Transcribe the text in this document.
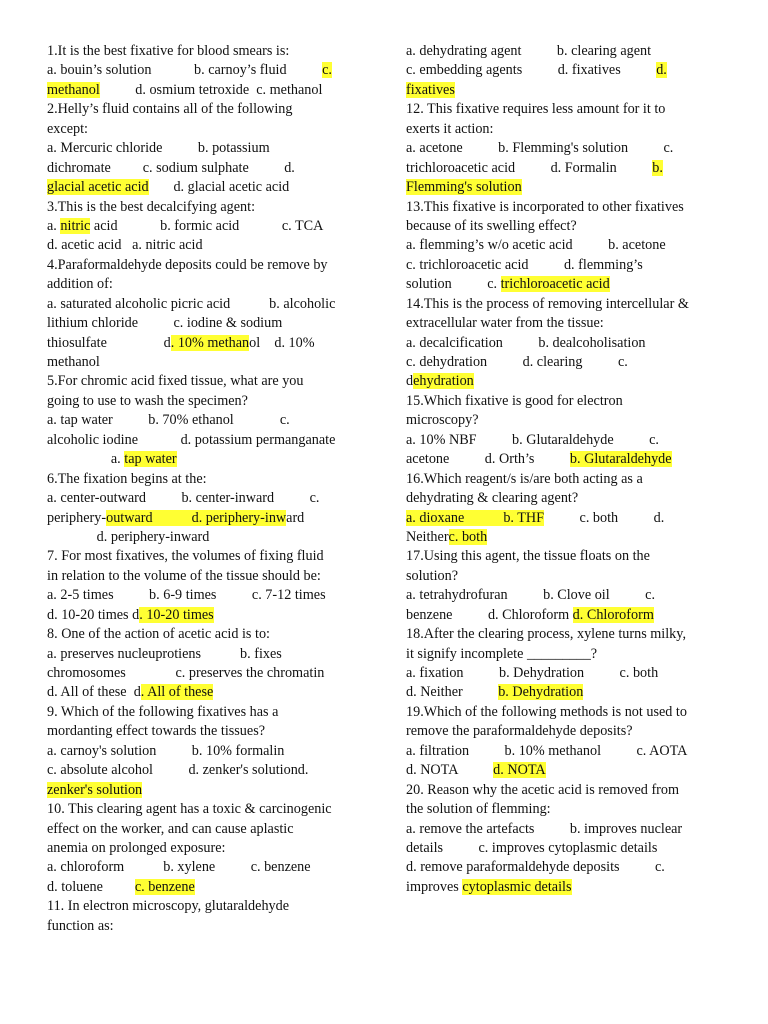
1.It is the best fixative for blood smears is:
a. bouin’s solution            b. carnoy’s fluid          c.
methanol          d. osmium tetroxide  c. methanol
2.Helly’s fluid contains all of the following
except:
a. Mercuric chloride          b. potassium
dichromate         c. sodium sulphate          d.
glacial acetic acid       d. glacial acetic acid
3.This is the best decalcifying agent:
a. nitric acid            b. formic acid            c. TCA
d. acetic acid   a. nitric acid
4.Paraformaldehyde deposits could be remove by
addition of:
a. saturated alcoholic picric acid           b. alcoholic
lithium chloride          c. iodine & sodium
thiosulfate                d. 10% methanol    d. 10%
methanol
5.For chromic acid fixed tissue, what are you
going to use to wash the specimen?
a. tap water          b. 70% ethanol             c.
alcoholic iodine            d. potassium permanganate
a. tap water
6.The fixation begins at the:
a. center-outward          b. center-inward          c.
periphery-outward           d. periphery-inward
d. periphery-inward
7. For most fixatives, the volumes of fixing fluid
in relation to the volume of the tissue should be:
a. 2-5 times          b. 6-9 times          c. 7-12 times
d. 10-20 times d. 10-20 times
8. One of the action of acetic acid is to:
a. preserves nucleuprotiens           b. fixes
chromosomes              c. preserves the chromatin
d. All of these  d. All of these
9. Which of the following fixatives has a
mordanting effect towards the tissues?
a. carnoy's solution          b. 10% formalin
c. absolute alcohol          d. zenker's solutiond.
zenker's solution
10. This clearing agent has a toxic & carcinogenic
effect on the worker, and can cause aplastic
anemia on prolonged exposure:
a. chloroform           b. xylene          c. benzene
d. toluene         c. benzene
11. In electron microscopy, glutaraldehyde
function as:
a. dehydrating agent          b. clearing agent
c. embedding agents          d. fixatives          d.
fixatives
12. This fixative requires less amount for it to
exerts it action:
a. acetone          b. Flemming's solution          c.
trichloroacetic acid          d. Formalin          b.
Flemming's solution
13.This fixative is incorporated to other fixatives
because of its swelling effect?
a. flemming’s w/o acetic acid          b. acetone
c. trichloroacetic acid          d. flemming’s
solution          c. trichloroacetic acid
14.This is the process of removing intercellular &
extracellular water from the tissue:
a. decalcification          b. dealcoholisation
c. dehydration          d. clearing          c.
dehydration
15.Which fixative is good for electron
microscopy?
a. 10% NBF          b. Glutaraldehyde          c.
acetone          d. Orth’s          b. Glutaraldehyde
16.Which reagent/s is/are both acting as a
dehydrating & clearing agent?
a. dioxane           b. THF          c. both          d.
Neitherc. both
17.Using this agent, the tissue floats on the
solution?
a. tetrahydrofuran          b. Clove oil          c.
benzene          d. Chloroform d. Chloroform
18.After the clearing process, xylene turns milky,
it signify incomplete _________?
a. fixation          b. Dehydration          c. both
d. Neither          b. Dehydration
19.Which of the following methods is not used to
remove the paraformaldehyde deposits?
a. filtration          b. 10% methanol          c. AOTA
d. NOTA          d. NOTA
20. Reason why the acetic acid is removed from
the solution of flemming:
a. remove the artefacts          b. improves nuclear
details          c. improves cytoplasmic details
d. remove paraformaldehyde deposits          c.
improves cytoplasmic details
